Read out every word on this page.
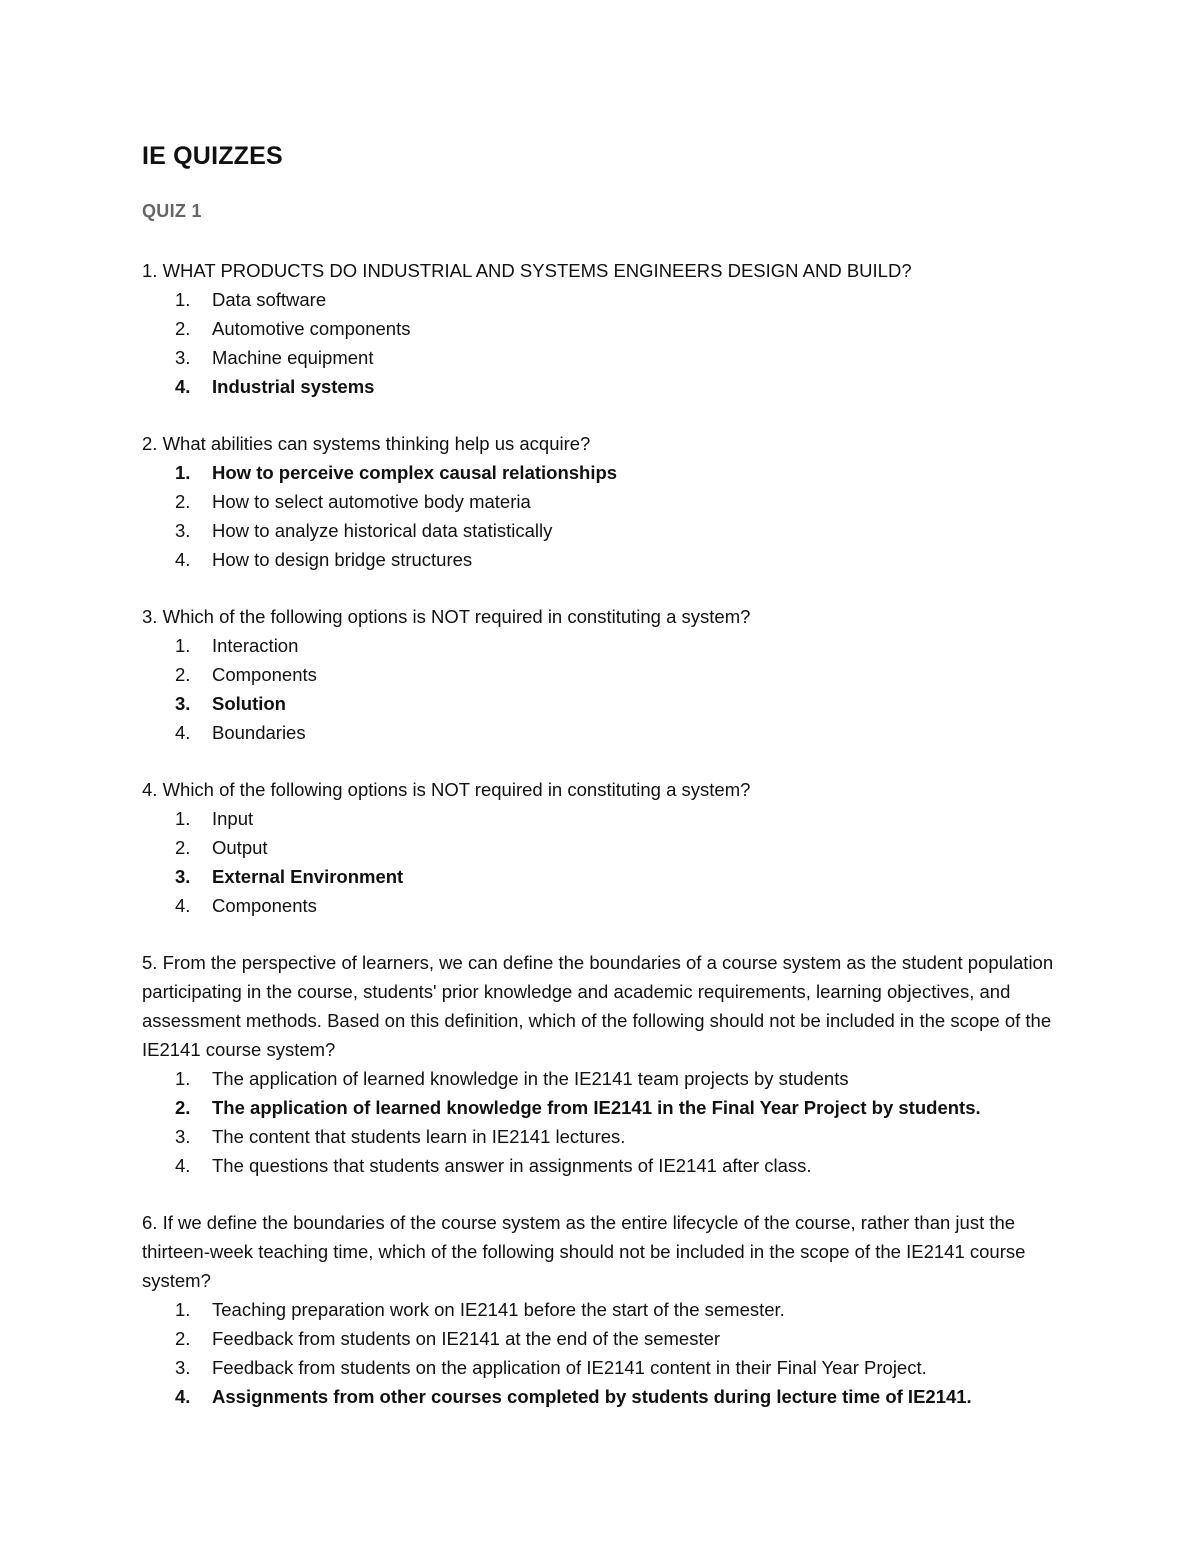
IE QUIZZES
QUIZ 1

1. WHAT PRODUCTS DO INDUSTRIAL AND SYSTEMS ENGINEERS DESIGN AND BUILD?

1.	Data software
2.	Automotive components
3.	Machine equipment
4.	Industrial systems

2. What abilities can systems thinking help us acquire?

1.	How to perceive complex causal relationships
2.	How to select automotive body materia
3.	How to analyze historical data statistically
4.	How to design bridge structures

3. Which of the following options is NOT required in constituting a system?

1.	Interaction
2.	Components
3.	Solution
4.	Boundaries

4. Which of the following options is NOT required in constituting a system?

1.	Input
2.	Output
3.	External Environment
4.	Components

5. From the perspective of learners, we can define the boundaries of a course system as the student population participating in the course, students' prior knowledge and academic requirements, learning objectives, and assessment methods. Based on this definition, which of the following should not be included in the scope of the IE2141 course system?

1.	The application of learned knowledge in the IE2141 team projects by students
2.	The application of learned knowledge from IE2141 in the Final Year Project by students.
3.	The content that students learn in IE2141 lectures.
4.	The questions that students answer in assignments of IE2141 after class.

6. If we define the boundaries of the course system as the entire lifecycle of the course, rather than just the thirteen-week teaching time, which of the following should not be included in the scope of the IE2141 course system?

1.	Teaching preparation work on IE2141 before the start of the semester.
2.	Feedback from students on IE2141 at the end of the semester
3.	Feedback from students on the application of IE2141 content in their Final Year Project.
4.	Assignments from other courses completed by students during lecture time of IE2141.
